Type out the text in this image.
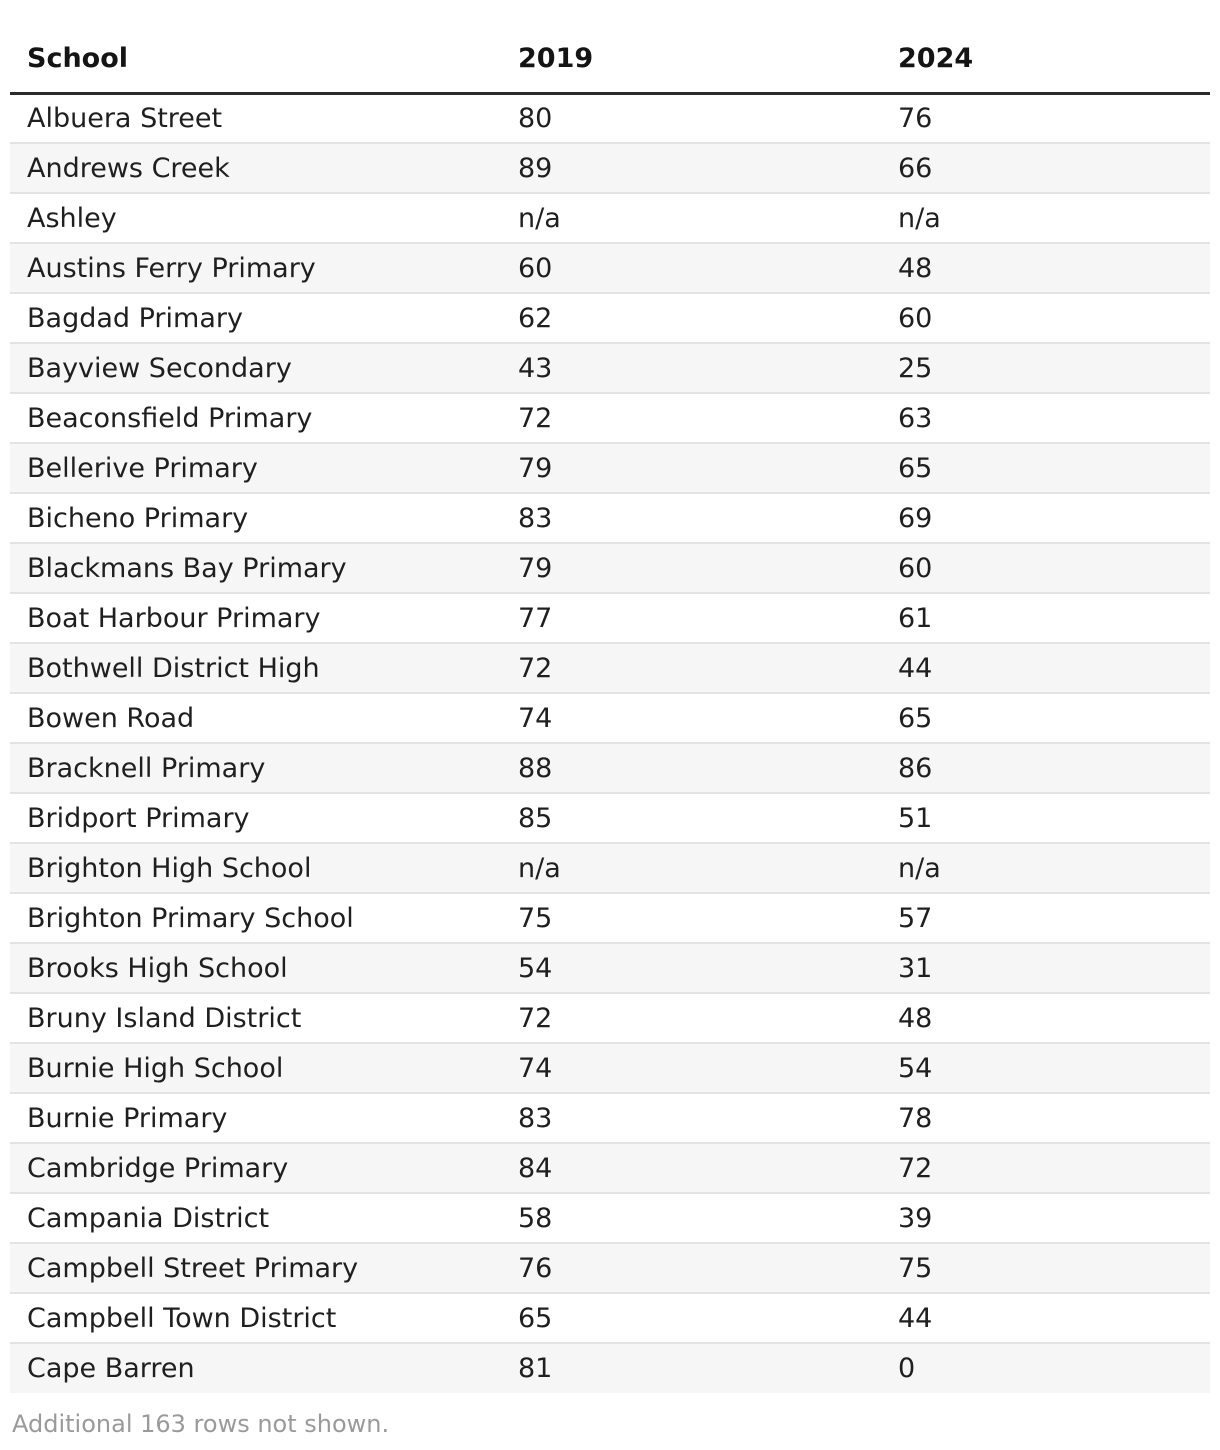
School	2019	2024
Albuera Street	80	76
Andrews Creek	89	66
Ashley	n/a	n/a
Austins Ferry Primary	60	48
Bagdad Primary	62	60
Bayview Secondary	43	25
Beaconsfield Primary	72	63
Bellerive Primary	79	65
Bicheno Primary	83	69
Blackmans Bay Primary	79	60
Boat Harbour Primary	77	61
Bothwell District High	72	44
Bowen Road	74	65
Bracknell Primary	88	86
Bridport Primary	85	51
Brighton High School	n/a	n/a
Brighton Primary School	75	57
Brooks High School	54	31
Bruny Island District	72	48
Burnie High School	74	54
Burnie Primary	83	78
Cambridge Primary	84	72
Campania District	58	39
Campbell Street Primary	76	75
Campbell Town District	65	44
Cape Barren	81	0
Additional 163 rows not shown.
